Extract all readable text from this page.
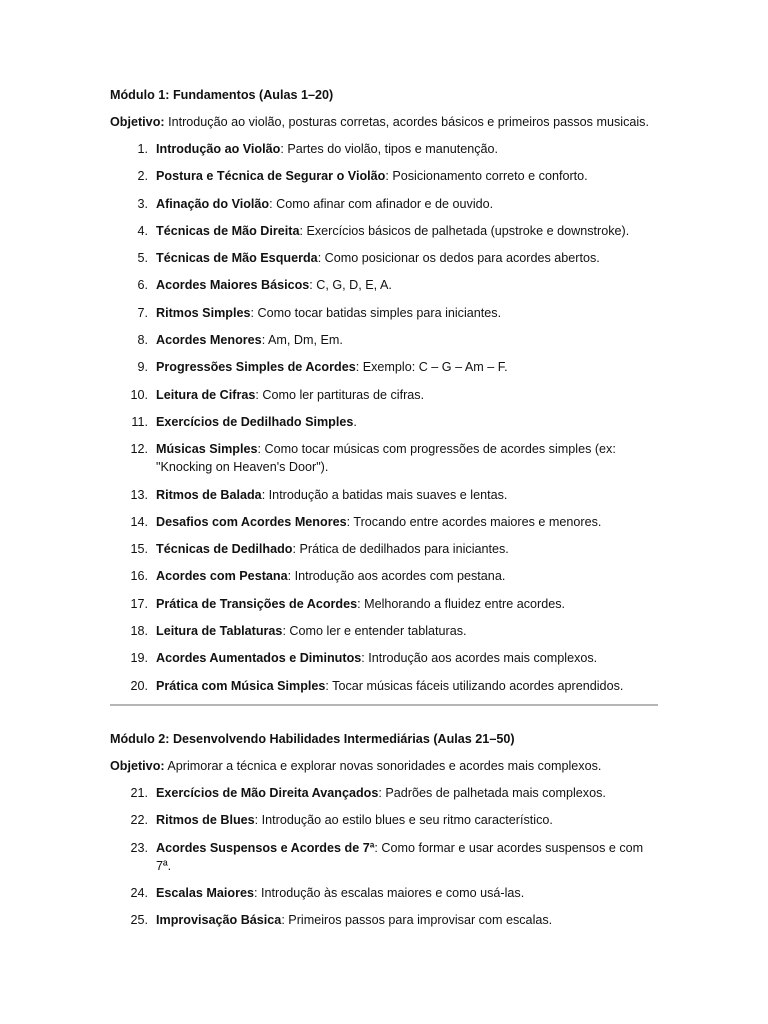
Módulo 1: Fundamentos (Aulas 1–20)
Objetivo: Introdução ao violão, posturas corretas, acordes básicos e primeiros passos musicais.
1. Introdução ao Violão: Partes do violão, tipos e manutenção.
2. Postura e Técnica de Segurar o Violão: Posicionamento correto e conforto.
3. Afinação do Violão: Como afinar com afinador e de ouvido.
4. Técnicas de Mão Direita: Exercícios básicos de palhetada (upstroke e downstroke).
5. Técnicas de Mão Esquerda: Como posicionar os dedos para acordes abertos.
6. Acordes Maiores Básicos: C, G, D, E, A.
7. Ritmos Simples: Como tocar batidas simples para iniciantes.
8. Acordes Menores: Am, Dm, Em.
9. Progressões Simples de Acordes: Exemplo: C – G – Am – F.
10. Leitura de Cifras: Como ler partituras de cifras.
11. Exercícios de Dedilhado Simples.
12. Músicas Simples: Como tocar músicas com progressões de acordes simples (ex: "Knocking on Heaven's Door").
13. Ritmos de Balada: Introdução a batidas mais suaves e lentas.
14. Desafios com Acordes Menores: Trocando entre acordes maiores e menores.
15. Técnicas de Dedilhado: Prática de dedilhados para iniciantes.
16. Acordes com Pestana: Introdução aos acordes com pestana.
17. Prática de Transições de Acordes: Melhorando a fluidez entre acordes.
18. Leitura de Tablaturas: Como ler e entender tablaturas.
19. Acordes Aumentados e Diminutos: Introdução aos acordes mais complexos.
20. Prática com Música Simples: Tocar músicas fáceis utilizando acordes aprendidos.
Módulo 2: Desenvolvendo Habilidades Intermediárias (Aulas 21–50)
Objetivo: Aprimorar a técnica e explorar novas sonoridades e acordes mais complexos.
21. Exercícios de Mão Direita Avançados: Padrões de palhetada mais complexos.
22. Ritmos de Blues: Introdução ao estilo blues e seu ritmo característico.
23. Acordes Suspensos e Acordes de 7ª: Como formar e usar acordes suspensos e com 7ª.
24. Escalas Maiores: Introdução às escalas maiores e como usá-las.
25. Improvisação Básica: Primeiros passos para improvisar com escalas.
